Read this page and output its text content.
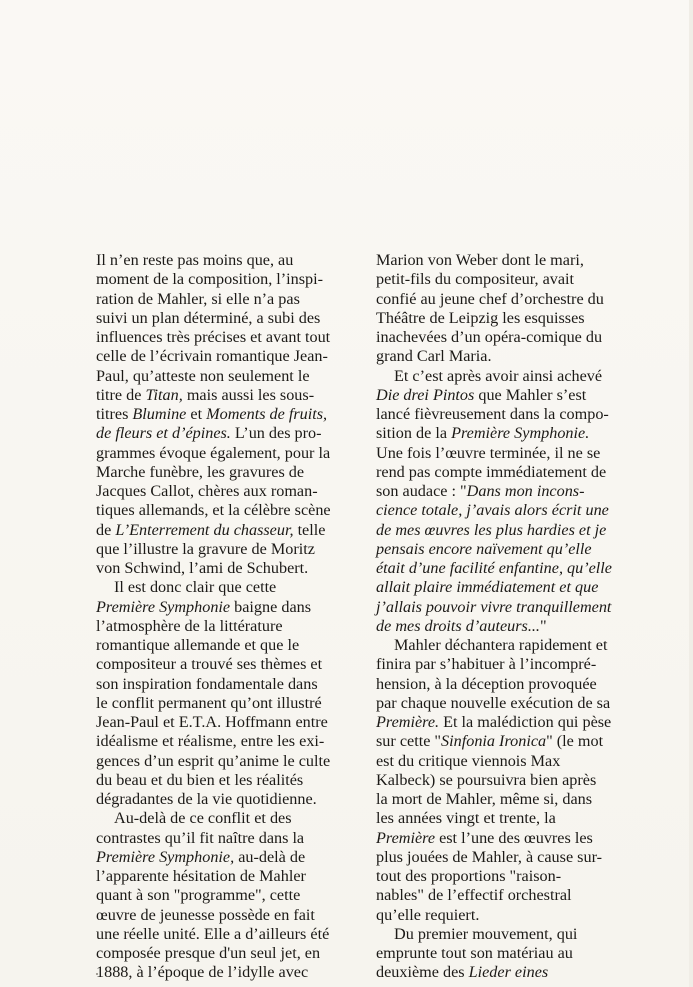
Il n’en reste pas moins que, au
moment de la composition, l’inspi-
ration de Mahler, si elle n’a pas
suivi un plan déterminé, a subi des
influences très précises et avant tout
celle de l’écrivain romantique Jean-
Paul, qu’atteste non seulement le
titre de Titan, mais aussi les sous-
titres Blumine et Moments de fruits,
de fleurs et d’épines. L’un des pro-
grammes évoque également, pour la
Marche funèbre, les gravures de
Jacques Callot, chères aux roman-
tiques allemands, et la célèbre scène
de L’Enterrement du chasseur, telle
que l’illustre la gravure de Moritz
von Schwind, l’ami de Schubert.
Il est donc clair que cette
Première Symphonie baigne dans
l’atmosphère de la littérature
romantique allemande et que le
compositeur a trouvé ses thèmes et
son inspiration fondamentale dans
le conflit permanent qu’ont illustré
Jean-Paul et E.T.A. Hoffmann entre
idéalisme et réalisme, entre les exi-
gences d’un esprit qu’anime le culte
du beau et du bien et les réalités
dégradantes de la vie quotidienne.
Au-delà de ce conflit et des
contrastes qu’il fit naître dans la
Première Symphonie, au-delà de
l’apparente hésitation de Mahler
quant à son "programme", cette
œuvre de jeunesse possède en fait
une réelle unité. Elle a d’ailleurs été
composée presque d'un seul jet, en
1888, à l’époque de l’idylle avec
Marion von Weber dont le mari,
petit-fils du compositeur, avait
confié au jeune chef d’orchestre du
Théâtre de Leipzig les esquisses
inachevées d’un opéra-comique du
grand Carl Maria.
Et c’est après avoir ainsi achevé
Die drei Pintos que Mahler s’est
lancé fièvreusement dans la compo-
sition de la Première Symphonie.
Une fois l’œuvre terminée, il ne se
rend pas compte immédiatement de
son audace : "Dans mon incons-
cience totale, j’avais alors écrit une
de mes œuvres les plus hardies et je
pensais encore naïvement qu’elle
était d’une facilité enfantine, qu’elle
allait plaire immédiatement et que
j’allais pouvoir vivre tranquillement
de mes droits d’auteurs..."
Mahler déchantera rapidement et
finira par s’habituer à l’incompré-
hension, à la déception provoquée
par chaque nouvelle exécution de sa
Première. Et la malédiction qui pèse
sur cette "Sinfonia Ironica" (le mot
est du critique viennois Max
Kalbeck) se poursuivra bien après
la mort de Mahler, même si, dans
les années vingt et trente, la
Première est l’une des œuvres les
plus jouées de Mahler, à cause sur-
tout des proportions "raison-
nables" de l’effectif orchestral
qu’elle requiert.
Du premier mouvement, qui
emprunte tout son matériau au
deuxième des Lieder eines
